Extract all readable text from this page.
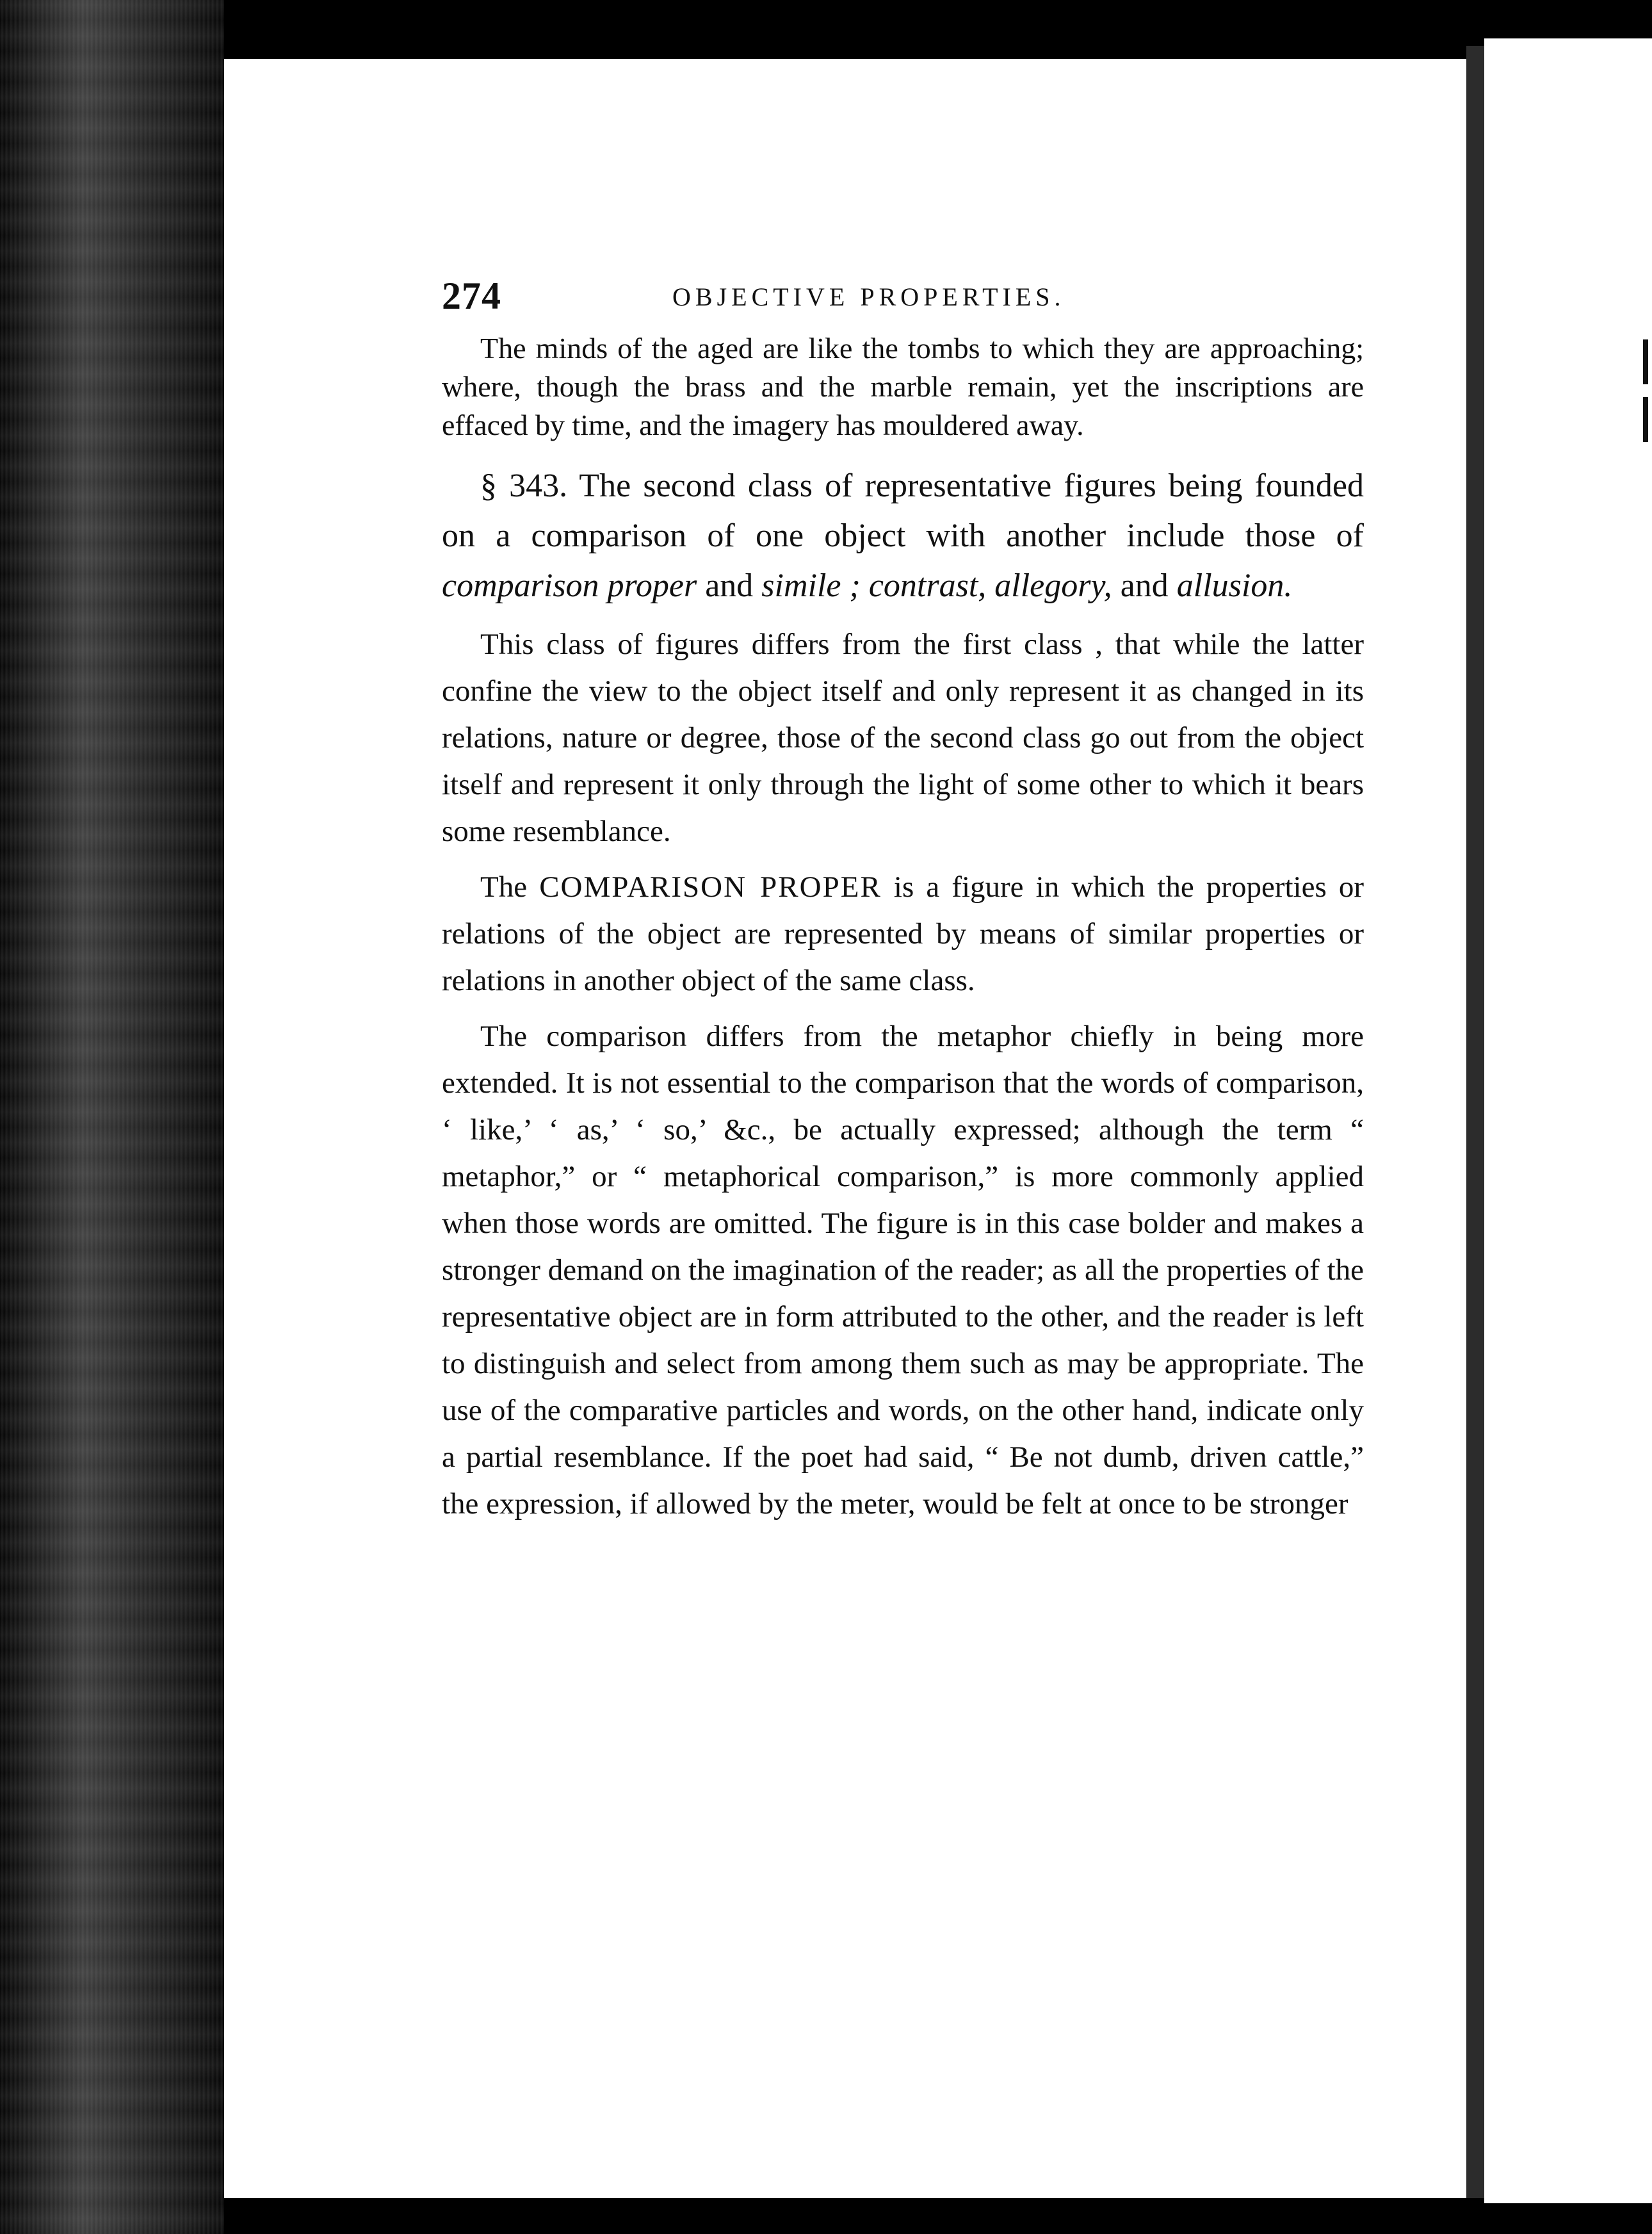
274	OBJECTIVE PROPERTIES.

The minds of the aged are like the tombs to which they are approaching; where, though the brass and the marble remain, yet the inscriptions are effaced by time, and the imagery has mouldered away.

§ 343. The second class of representative figures being founded on a comparison of one object with another include those of comparison proper and simile ; contrast, allegory, and allusion.

This class of figures differs from the first class , that while the latter confine the view to the object itself and only represent it as changed in its relations, nature or degree, those of the second class go out from the object itself and represent it only through the light of some other to which it bears some resemblance.

The COMPARISON PROPER is a figure in which the properties or relations of the object are represented by means of similar properties or relations in another object of the same class.

The comparison differs from the metaphor chiefly in being more extended. It is not essential to the comparison that the words of comparison, ‘ like,’ ‘ as,’ ‘ so,’ &c., be actually expressed; although the term “ metaphor,” or “ metaphorical comparison,” is more commonly applied when those words are omitted. The figure is in this case bolder and makes a stronger demand on the imagination of the reader; as all the properties of the representative object are in form attributed to the other, and the reader is left to distinguish and select from among them such as may be appropriate. The use of the comparative particles and words, on the other hand, indicate only a partial resemblance. If the poet had said, “ Be not dumb, driven cattle,” the expression, if allowed by the meter, would be felt at once to be stronger
